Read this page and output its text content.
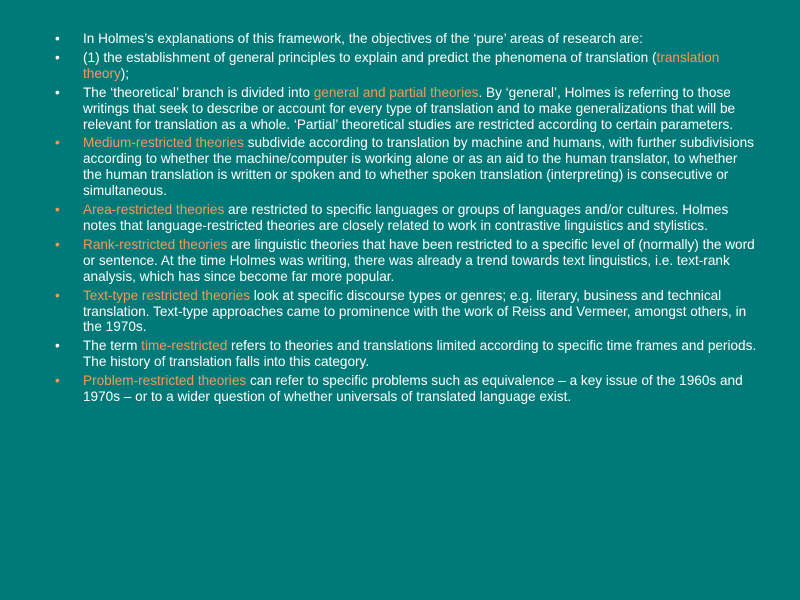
• In Holmes’s explanations of this framework, the objectives of the ‘pure’ areas of research are:
• (1) the establishment of general principles to explain and predict the phenomena of translation (translation theory);
• The ‘theoretical’ branch is divided into general and partial theories. By ‘general’, Holmes is referring to those writings that seek to describe or account for every type of translation and to make generalizations that will be relevant for translation as a whole. ‘Partial’ theoretical studies are restricted according to certain parameters.
• Medium-restricted theories subdivide according to translation by machine and humans, with further subdivisions according to whether the machine/computer is working alone or as an aid to the human translator, to whether the human translation is written or spoken and to whether spoken translation (interpreting) is consecutive or simultaneous.
• Area-restricted theories are restricted to specific languages or groups of languages and/or cultures. Holmes notes that language-restricted theories are closely related to work in contrastive linguistics and stylistics.
• Rank-restricted theories are linguistic theories that have been restricted to a specific level of (normally) the word or sentence. At the time Holmes was writing, there was already a trend towards text linguistics, i.e. text-rank analysis, which has since become far more popular.
• Text-type restricted theories look at specific discourse types or genres; e.g. literary, business and technical translation. Text-type approaches came to prominence with the work of Reiss and Vermeer, amongst others, in the 1970s.
• The term time-restricted refers to theories and translations limited according to specific time frames and periods. The history of translation falls into this category.
• Problem-restricted theories can refer to specific problems such as equivalence – a key issue of the 1960s and 1970s – or to a wider question of whether universals of translated language exist.
